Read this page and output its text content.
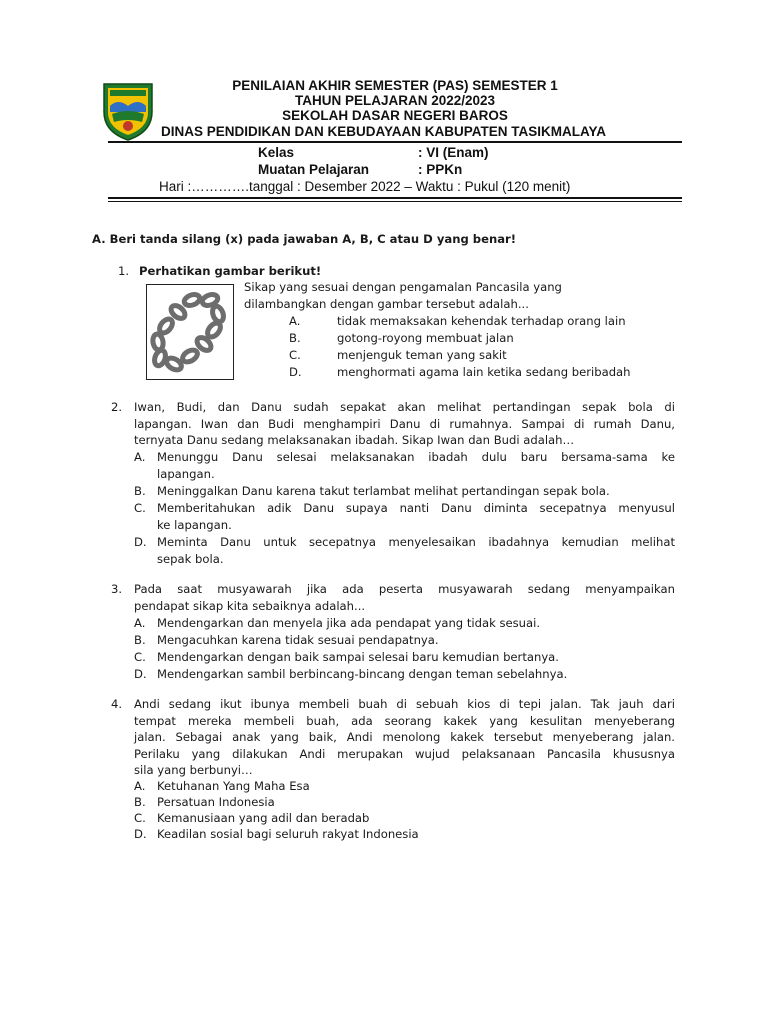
PENILAIAN AKHIR SEMESTER (PAS) SEMESTER 1
TAHUN PELAJARAN 2022/2023
SEKOLAH DASAR NEGERI BAROS
DINAS PENDIDIKAN DAN KEBUDAYAAN KABUPATEN TASIKMALAYA
Kelas	: VI (Enam)
Muatan Pelajaran	: PPKn
Hari :………….tanggal : Desember 2022 – Waktu : Pukul (120 menit)
A. Beri tanda silang (x) pada jawaban A, B, C atau D yang benar!
1. Perhatikan gambar berikut!
Sikap yang sesuai dengan pengamalan Pancasila yang
dilambangkan dengan gambar tersebut adalah...
A.	tidak memaksakan kehendak terhadap orang lain
B.	gotong-royong membuat jalan
C.	menjenguk teman yang sakit
D.	menghormati agama lain ketika sedang beribadah
2. Iwan, Budi, dan Danu sudah sepakat akan melihat pertandingan sepak bola di
lapangan. Iwan dan Budi menghampiri Danu di rumahnya. Sampai di rumah Danu,
ternyata Danu sedang melaksanakan ibadah. Sikap Iwan dan Budi adalah…
A. Menunggu Danu selesai melaksanakan ibadah dulu baru bersama-sama ke
lapangan.
B. Meninggalkan Danu karena takut terlambat melihat pertandingan sepak bola.
C. Memberitahukan adik Danu supaya nanti Danu diminta secepatnya menyusul
ke lapangan.
D. Meminta Danu untuk secepatnya menyelesaikan ibadahnya kemudian melihat
sepak bola.
3. Pada saat musyawarah jika ada peserta musyawarah sedang menyampaikan
pendapat sikap kita sebaiknya adalah...
A. Mendengarkan dan menyela jika ada pendapat yang tidak sesuai.
B. Mengacuhkan karena tidak sesuai pendapatnya.
C. Mendengarkan dengan baik sampai selesai baru kemudian bertanya.
D. Mendengarkan sambil berbincang-bincang dengan teman sebelahnya.
4. Andi sedang ikut ibunya membeli buah di sebuah kios di tepi jalan. Tak jauh dari
tempat mereka membeli buah, ada seorang kakek yang kesulitan menyeberang
jalan. Sebagai anak yang baik, Andi menolong kakek tersebut menyeberang jalan.
Perilaku yang dilakukan Andi merupakan wujud pelaksanaan Pancasila khususnya
sila yang berbunyi…
A. Ketuhanan Yang Maha Esa
B. Persatuan Indonesia
C. Kemanusiaan yang adil dan beradab
D. Keadilan sosial bagi seluruh rakyat Indonesia
